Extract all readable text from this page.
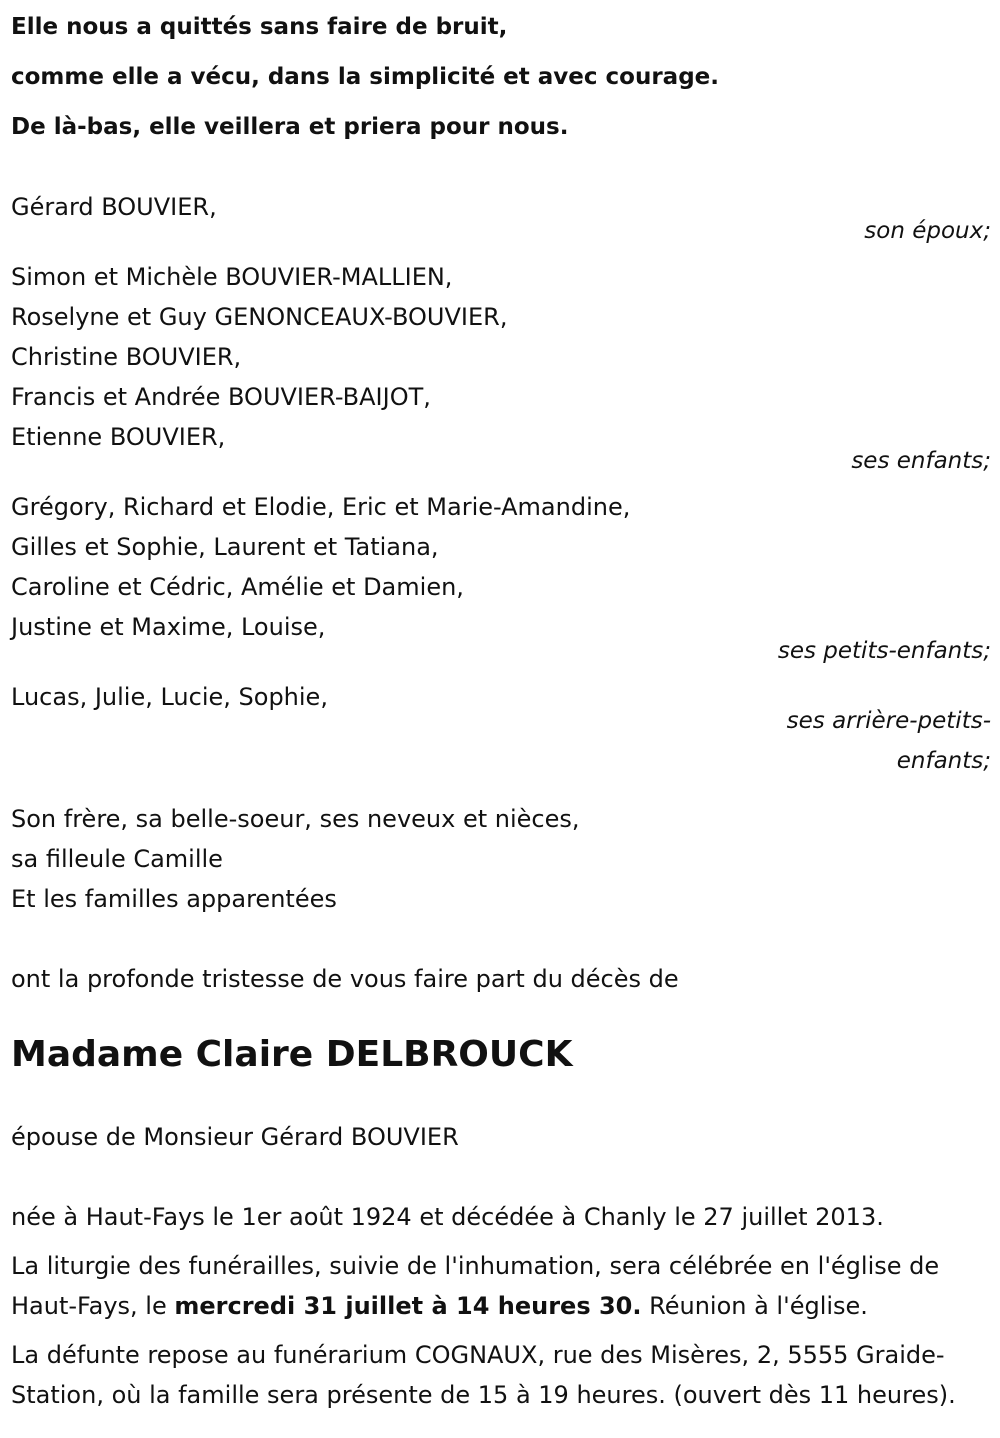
Elle nous a quittés sans faire de bruit,
comme elle a vécu, dans la simplicité et avec courage.
De là-bas, elle veillera et priera pour nous.
Gérard BOUVIER,
son époux;
Simon et Michèle BOUVIER-MALLIEN,
Roselyne et Guy GENONCEAUX-BOUVIER,
Christine BOUVIER,
Francis et Andrée BOUVIER-BAIJOT,
Etienne BOUVIER,
ses enfants;
Grégory, Richard et Elodie, Eric et Marie-Amandine,
Gilles et Sophie, Laurent et Tatiana,
Caroline et Cédric, Amélie et Damien,
Justine et Maxime, Louise,
ses petits-enfants;
Lucas, Julie, Lucie, Sophie,
ses arrière-petits-
enfants;
Son frère, sa belle-soeur, ses neveux et nièces,
sa filleule Camille
Et les familles apparentées
ont la profonde tristesse de vous faire part du décès de
Madame Claire DELBROUCK
épouse de Monsieur Gérard BOUVIER
née à Haut-Fays le 1er août 1924 et décédée à Chanly le 27 juillet 2013.
La liturgie des funérailles, suivie de l'inhumation, sera célébrée en l'église de Haut-Fays, le mercredi 31 juillet à 14 heures 30. Réunion à l'église.
La défunte repose au funérarium COGNAUX, rue des Misères, 2, 5555 Graide-Station, où la famille sera présente de 15 à 19 heures. (ouvert dès 11 heures).
